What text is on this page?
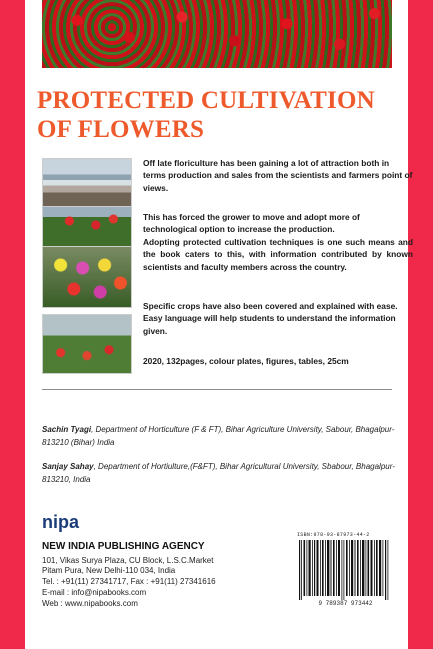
PROTECTED CULTIVATION
OF FLOWERS

Off late floriculture has been gaining a lot of attraction both in terms production and sales from the scientists and farmers point of views.

This has forced the grower to move and adopt more of technological option to increase the production.

Adopting protected cultivation techniques is one such means and the book caters to this, with information contributed by known scientists and faculty members across the country.

Specific crops have also been covered and explained with ease. Easy language will help students to understand the information given.

2020, 132pages, colour plates, figures, tables, 25cm

Sachin Tyagi, Department of Horticulture (F & FT), Bihar Agriculture University, Sabour, Bhagalpur-813210 (Bihar) India

Sanjay Sahay, Department of Hortiulture,(F&FT), Bihar Agricultural University, Sbabour, Bhagalpur-813210, India

nipa
NEW INDIA PUBLISHING AGENCY
101, Vikas Surya Plaza, CU Block, L.S.C.Market
Pitam Pura, New Delhi-110 034, India
Tel. : +91(11) 27341717, Fax : +91(11) 27341616
E-mail : info@nipabooks.com
Web : www.nipabooks.com
ISBN:978-93-87973-44-2
9 789387 973442
